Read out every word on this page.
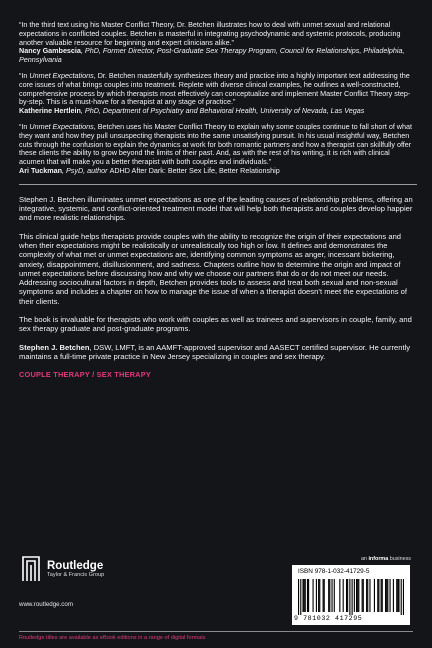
“In the third text using his Master Conflict Theory, Dr. Betchen illustrates how to deal with unmet sexual and relational expectations in conflicted couples. Betchen is masterful in integrating psychodynamic and systemic protocols, producing another valuable resource for beginning and expert clinicians alike.”
Nancy Gambescia, PhD, Former Director, Post-Graduate Sex Therapy Program, Council for Relationships, Philadelphia, Pennsylvania

“In Unmet Expectations, Dr. Betchen masterfully synthesizes theory and practice into a highly important text addressing the core issues of what brings couples into treatment. Replete with diverse clinical examples, he outlines a well-constructed, comprehensive process by which therapists most effectively can conceptualize and implement Master Conflict Theory step-by-step. This is a must-have for a therapist at any stage of practice.”
Katherine Hertlein, PhD, Department of Psychiatry and Behavioral Health, University of Nevada, Las Vegas

“In Unmet Expectations, Betchen uses his Master Conflict Theory to explain why some couples continue to fall short of what they want and how they pull unsuspecting therapists into the same unsatisfying pursuit. In his usual insightful way, Betchen cuts through the confusion to explain the dynamics at work for both romantic partners and how a therapist can skillfully offer these clients the ability to grow beyond the limits of their past. And, as with the rest of his writing, it is rich with clinical acumen that will make you a better therapist with both couples and individuals.”
Ari Tuckman, PsyD, author ADHD After Dark: Better Sex Life, Better Relationship

Stephen J. Betchen illuminates unmet expectations as one of the leading causes of relationship problems, offering an integrative, systemic, and conflict-oriented treatment model that will help both therapists and couples develop happier and more realistic relationships.

This clinical guide helps therapists provide couples with the ability to recognize the origin of their expectations and when their expectations might be realistically or unrealistically too high or low. It defines and demonstrates the complexity of what met or unmet expectations are, identifying common symptoms as anger, incessant bickering, anxiety, disappointment, disillusionment, and sadness. Chapters outline how to determine the origin and impact of unmet expectations before discussing how and why we choose our partners that do or do not meet our needs. Addressing sociocultural factors in depth, Betchen provides tools to assess and treat both sexual and non-sexual symptoms and includes a chapter on how to manage the issue of when a therapist doesn’t meet the expectations of their clients.

The book is invaluable for therapists who work with couples as well as trainees and supervisors in couple, family, and sex therapy graduate and post-graduate programs.

Stephen J. Betchen, DSW, LMFT, is an AAMFT-approved supervisor and AASECT certified supervisor. He currently maintains a full-time private practice in New Jersey specializing in couples and sex therapy.

COUPLE THERAPY / SEX THERAPY

Routledge
Taylor & Francis Group
www.routledge.com
an informa business
ISBN 978-1-032-41729-5
9 781032 417295
Routledge titles are available as eBook editions in a range of digital formats
